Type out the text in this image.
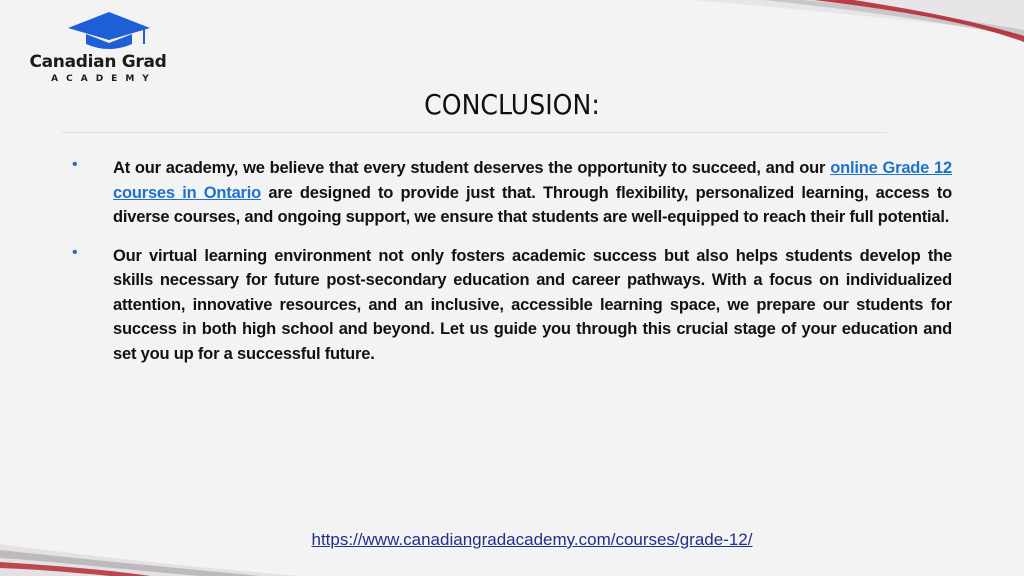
Canadian Grad
ACADEMY
CONCLUSION:
• At our academy, we believe that every student deserves the opportunity to succeed, and our online Grade 12 courses in Ontario are designed to provide just that. Through flexibility, personalized learning, access to diverse courses, and ongoing support, we ensure that students are well-equipped to reach their full potential.
• Our virtual learning environment not only fosters academic success but also helps students develop the skills necessary for future post-secondary education and career pathways. With a focus on individualized attention, innovative resources, and an inclusive, accessible learning space, we prepare our students for success in both high school and beyond. Let us guide you through this crucial stage of your education and set you up for a successful future.
https://www.canadiangradacademy.com/courses/grade-12/
